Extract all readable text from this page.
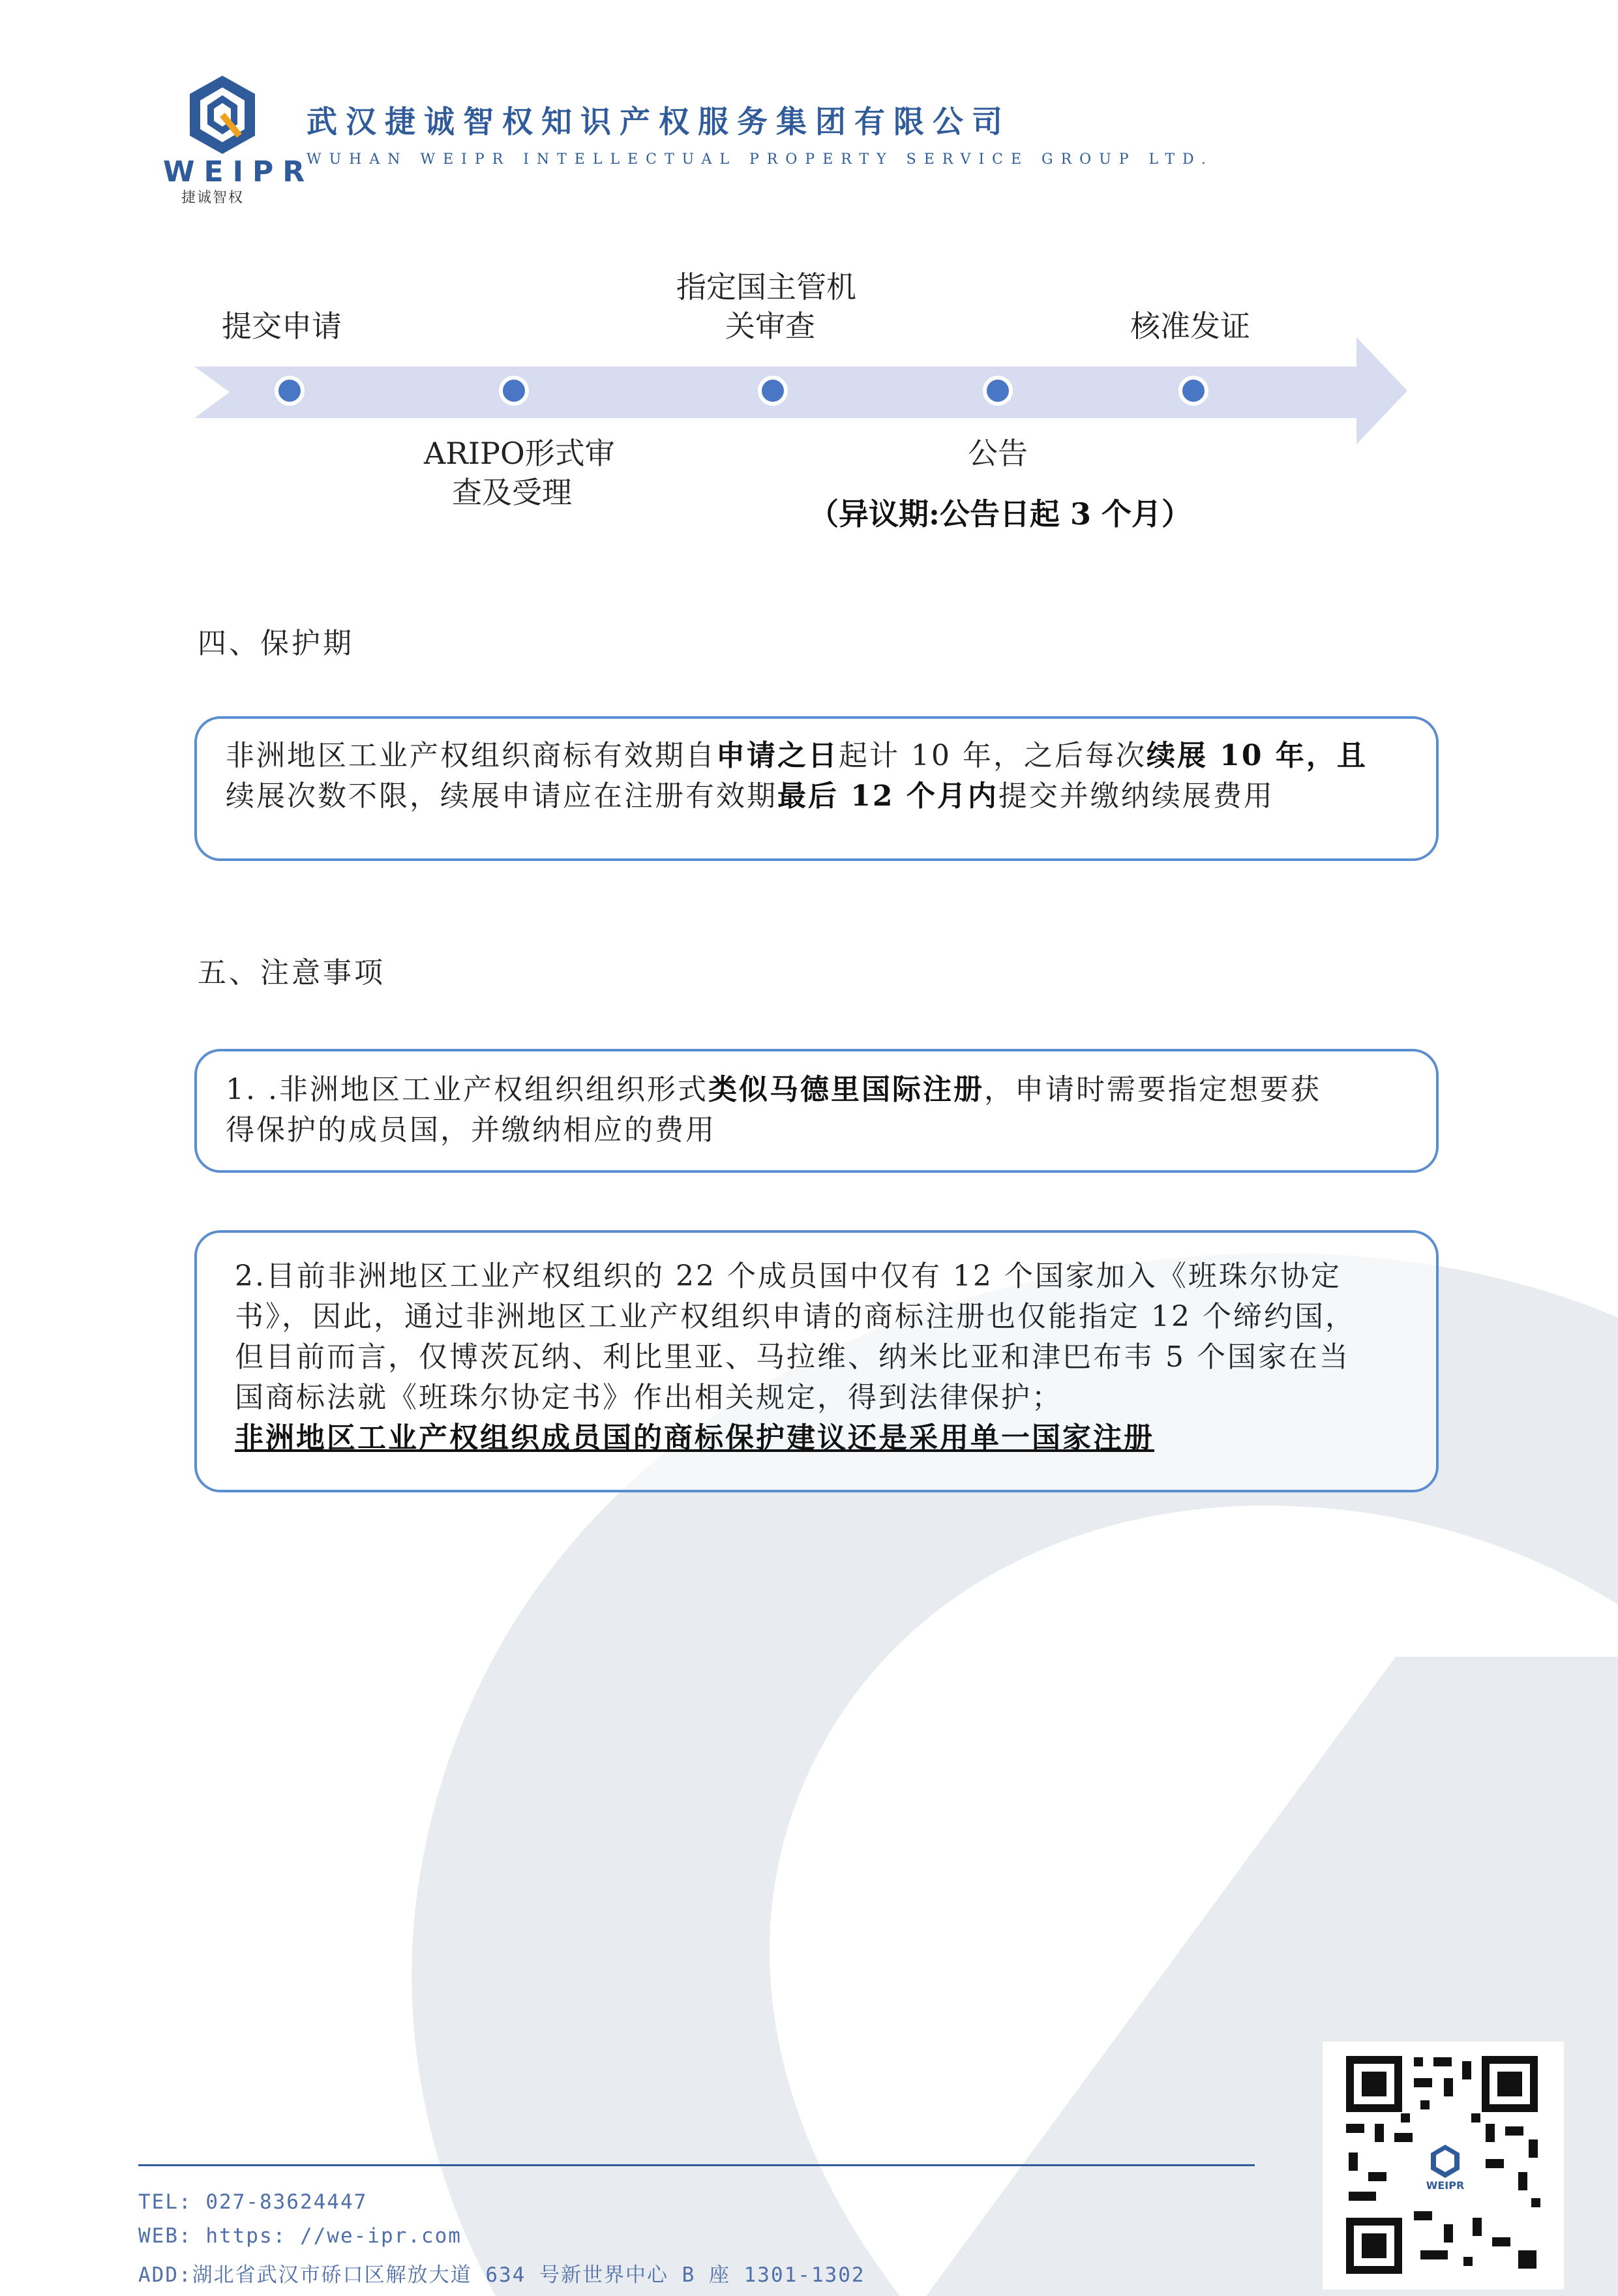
WEIPR
捷诚智权
武汉捷诚智权知识产权服务集团有限公司
WUHAN WEIPR INTELLECTUAL PROPERTY SERVICE GROUP LTD.
提交申请
指定国主管机
关审查	核准发证
ARIPO形式审
查及受理
公告
（异议期:公告日起 3 个月）
四、保护期
非洲地区工业产权组织商标有效期自申请之日起计 10 年，之后每次续展 10 年，且
续展次数不限，续展申请应在注册有效期最后 12 个月内提交并缴纳续展费用
五、注意事项
1. .非洲地区工业产权组织组织形式类似马德里国际注册，申请时需要指定想要获
得保护的成员国，并缴纳相应的费用
2.目前非洲地区工业产权组织的 22 个成员国中仅有 12 个国家加入《班珠尔协定
书》，因此，通过非洲地区工业产权组织申请的商标注册也仅能指定 12 个缔约国，
但目前而言，仅博茨瓦纳、利比里亚、马拉维、纳米比亚和津巴布韦 5 个国家在当
国商标法就《班珠尔协定书》作出相关规定，得到法律保护；
非洲地区工业产权组织成员国的商标保护建议还是采用单一国家注册
TEL: 027-83624447
WEB: https: //we-ipr.com
ADD:湖北省武汉市硚口区解放大道 634 号新世界中心 B 座 1301-1302
WEIPR
